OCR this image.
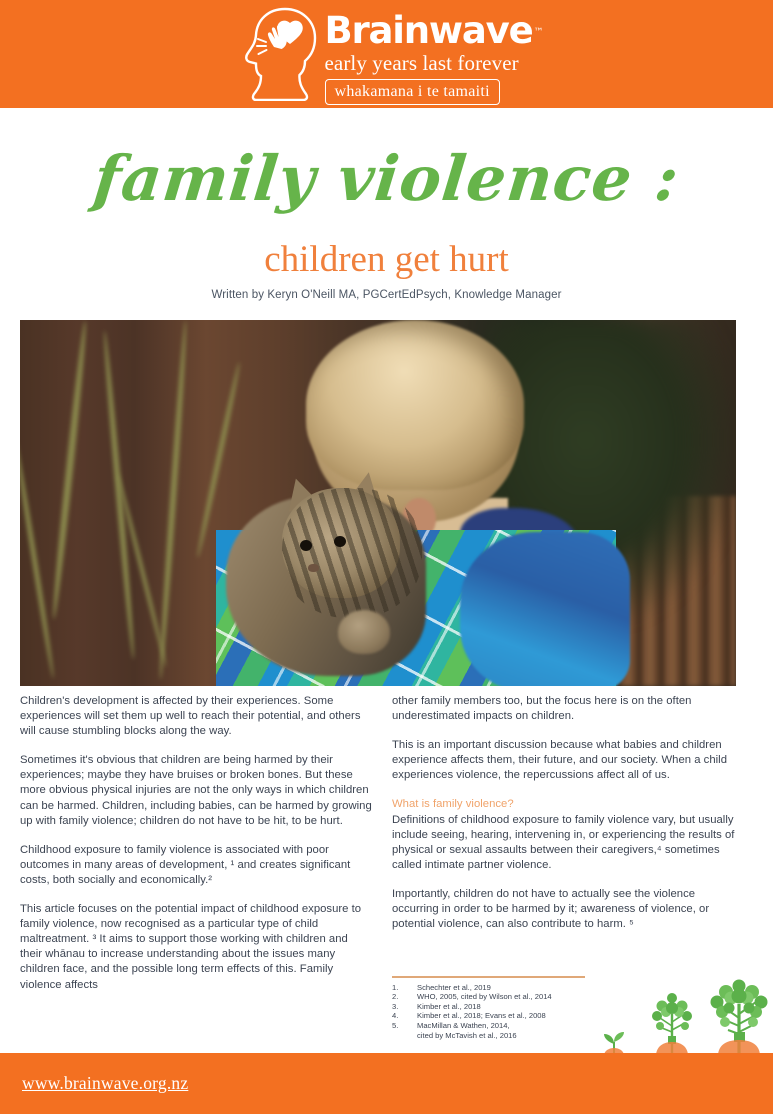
Brainwave ™
early years last forever
whakamana i te tamaiti
family violence :
children get hurt
Written by Keryn O'Neill MA, PGCertEdPsych, Knowledge Manager

Children's development is affected by their experiences. Some experiences will set them up well to reach their potential, and others will cause stumbling blocks along the way.

Sometimes it's obvious that children are being harmed by their experiences; maybe they have bruises or broken bones. But these more obvious physical injuries are not the only ways in which children can be harmed. Children, including babies, can be harmed by growing up with family violence; children do not have to be hit, to be hurt.

Childhood exposure to family violence is associated with poor outcomes in many areas of development, ¹ and creates significant costs, both socially and economically.²

This article focuses on the potential impact of childhood exposure to family violence, now recognised as a particular type of child maltreatment. ³ It aims to support those working with children and their whānau to increase understanding about the issues many children face, and the possible long term effects of this. Family violence affects

other family members too, but the focus here is on the often underestimated impacts on children.

This is an important discussion because what babies and children experience affects them, their future, and our society. When a child experiences violence, the repercussions affect all of us.

What is family violence?

Definitions of childhood exposure to family violence vary, but usually include seeing, hearing, intervening in, or experiencing the results of physical or sexual assaults between their caregivers,⁴ sometimes called intimate partner violence.

Importantly, children do not have to actually see the violence occurring in order to be harmed by it; awareness of violence, or potential violence, can also contribute to harm. ⁵

1.	Schechter et al., 2019
2.	WHO, 2005, cited by Wilson et al., 2014
3.	Kimber et al., 2018
4.	Kimber et al., 2018; Evans et al., 2008
5.	MacMillan & Wathen, 2014,
cited by McTavish et al., 2016
www.brainwave.org.nz
